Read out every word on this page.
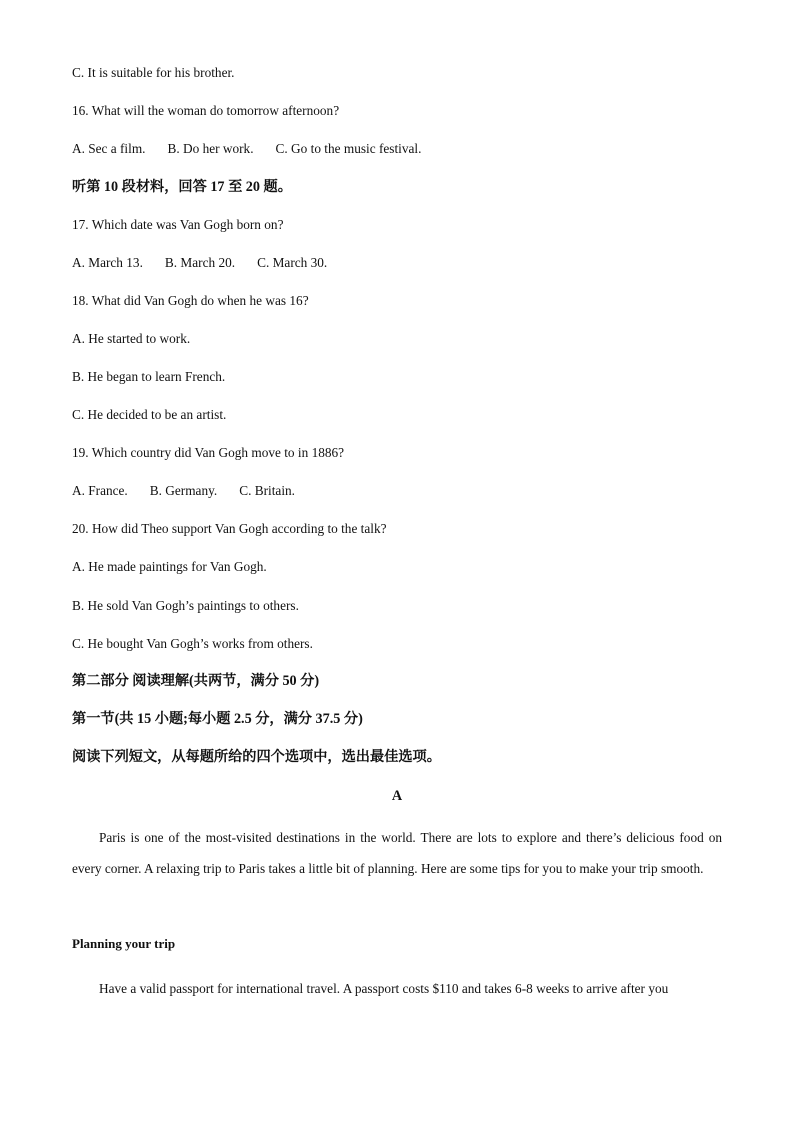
C. It is suitable for his brother.
16. What will the woman do tomorrow afternoon?
A. Sec a film. B. Do her work. C. Go to the music festival.
听第 10 段材料，回答 17 至 20 题。
17. Which date was Van Gogh born on?
A. March 13. B. March 20. C. March 30.
18. What did Van Gogh do when he was 16?
A. He started to work.
B. He began to learn French.
C. He decided to be an artist.
19. Which country did Van Gogh move to in 1886?
A. France. B. Germany. C. Britain.
20. How did Theo support Van Gogh according to the talk?
A. He made paintings for Van Gogh.
B. He sold Van Gogh’s paintings to others.
C. He bought Van Gogh’s works from others.
第二部分 阅读理解(共两节，满分 50 分)
第一节(共 15 小题;每小题 2.5 分，满分 37.5 分)
阅读下列短文，从每题所给的四个选项中，选出最佳选项。
A
Paris is one of the most-visited destinations in the world. There are lots to explore and there’s delicious food on every corner. A relaxing trip to Paris takes a little bit of planning. Here are some tips for you to make your trip smooth.
Planning your trip
Have a valid passport for international travel. A passport costs $110 and takes 6-8 weeks to arrive after you
